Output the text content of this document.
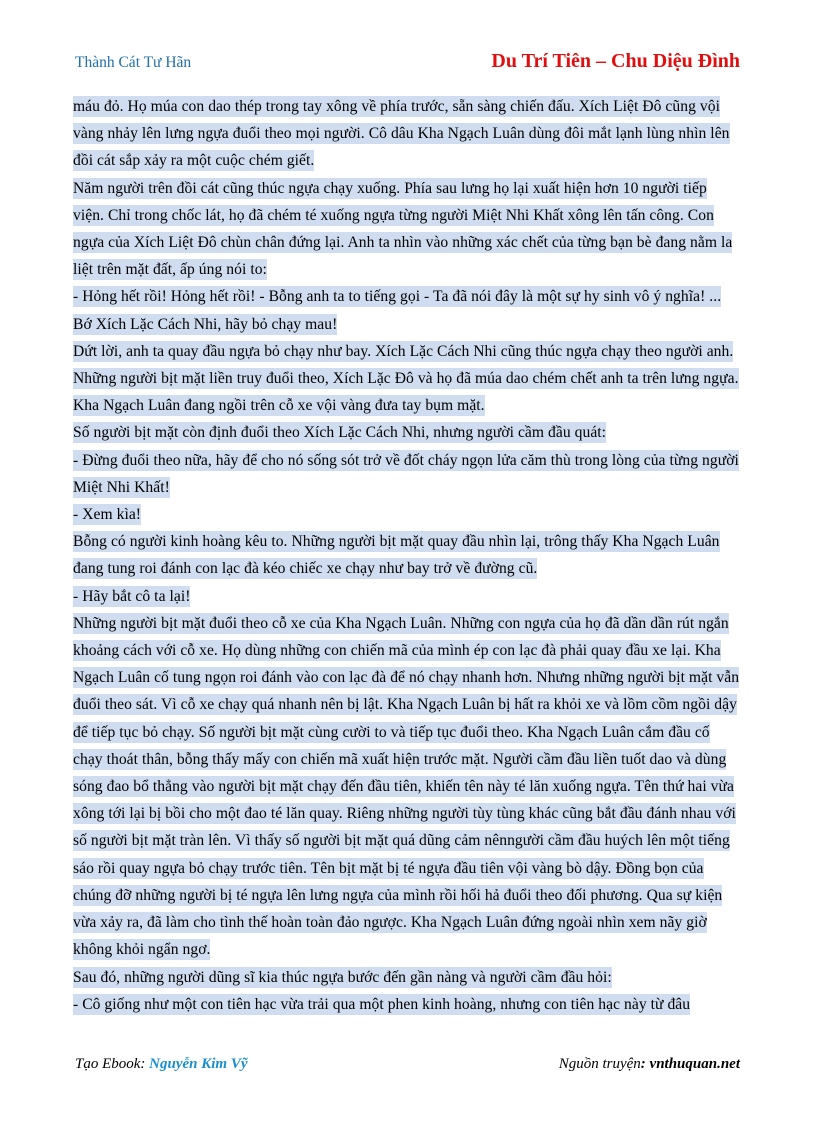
Thành Cát Tư Hãn	Du Trí Tiên – Chu Diệu Đình

máu đỏ. Họ múa con dao thép trong tay xông về phía trước, sẵn sàng chiến đấu. Xích Liệt Đô cũng vội vàng nhảy lên lưng ngựa đuổi theo mọi người. Cô dâu Kha Ngạch Luân dùng đôi mắt lạnh lùng nhìn lên đồi cát sắp xảy ra một cuộc chém giết.

Năm người trên đồi cát cũng thúc ngựa chạy xuống. Phía sau lưng họ lại xuất hiện hơn 10 người tiếp viện. Chỉ trong chốc lát, họ đã chém té xuống ngựa từng người Miệt Nhi Khất xông lên tấn công. Con ngựa của Xích Liệt Đô chùn chân đứng lại. Anh ta nhìn vào những xác chết của từng bạn bè đang nằm la liệt trên mặt đất, ấp úng nói to:

- Hỏng hết rồi! Hỏng hết rồi! - Bỗng anh ta to tiếng gọi - Ta đã nói đây là một sự hy sinh vô ý nghĩa! ... Bớ Xích Lặc Cách Nhi, hãy bỏ chạy mau!

Dứt lời, anh ta quay đầu ngựa bỏ chạy như bay. Xích Lặc Cách Nhi cũng thúc ngựa chạy theo người anh. Những người bịt mặt liền truy đuổi theo, Xích Lặc Đô và họ đã múa dao chém chết anh ta trên lưng ngựa. Kha Ngạch Luân đang ngồi trên cỗ xe vội vàng đưa tay bụm mặt.

Số người bịt mặt còn định đuổi theo Xích Lặc Cách Nhi, nhưng người cầm đầu quát:

- Đừng đuổi theo nữa, hãy để cho nó sống sót trở về đốt cháy ngọn lửa căm thù trong lòng của từng người Miệt Nhi Khất!

- Xem kìa!

Bỗng có người kinh hoàng kêu to. Những người bịt mặt quay đầu nhìn lại, trông thấy Kha Ngạch Luân đang tung roi đánh con lạc đà kéo chiếc xe chạy như bay trở về đường cũ.

- Hãy bắt cô ta lại!

Những người bịt mặt đuổi theo cỗ xe của Kha Ngạch Luân. Những con ngựa của họ đã dần dần rút ngắn khoảng cách với cỗ xe. Họ dùng những con chiến mã của mình ép con lạc đà phải quay đầu xe lại. Kha Ngạch Luân cố tung ngọn roi đánh vào con lạc đà để nó chạy nhanh hơn. Nhưng những người bịt mặt vẫn đuổi theo sát. Vì cỗ xe chạy quá nhanh nên bị lật. Kha Ngạch Luân bị hất ra khỏi xe và lồm cồm ngồi dậy để tiếp tục bỏ chạy. Số người bịt mặt cùng cười to và tiếp tục đuổi theo. Kha Ngạch Luân cắm đầu cố chạy thoát thân, bỗng thấy mấy con chiến mã xuất hiện trước mặt. Người cầm đầu liền tuốt dao và dùng sóng đao bổ thẳng vào người bịt mặt chạy đến đầu tiên, khiến tên này té lăn xuống ngựa. Tên thứ hai vừa xông tới lại bị bồi cho một đao té lăn quay. Riêng những người tùy tùng khác cũng bắt đầu đánh nhau với số người bịt mặt tràn lên. Vì thấy số người bịt mặt quá dũng cảm nênngười cầm đầu huých lên một tiếng sáo rồi quay ngựa bỏ chạy trước tiên. Tên bịt mặt bị té ngựa đầu tiên vội vàng bò dậy. Đồng bọn của chúng đỡ những người bị té ngựa lên lưng ngựa của mình rồi hối hả đuổi theo đối phương. Qua sự kiện vừa xảy ra, đã làm cho tình thế hoàn toàn đảo ngược. Kha Ngạch Luân đứng ngoài nhìn xem nãy giờ không khỏi ngẩn ngơ.

Sau đó, những người dũng sĩ kia thúc ngựa bước đến gần nàng và người cầm đầu hỏi:

- Cô giống như một con tiên hạc vừa trải qua một phen kinh hoàng, nhưng con tiên hạc này từ đâu

Tạo Ebook: Nguyễn Kim Vỹ	Nguồn truyện: vnthuquan.net
